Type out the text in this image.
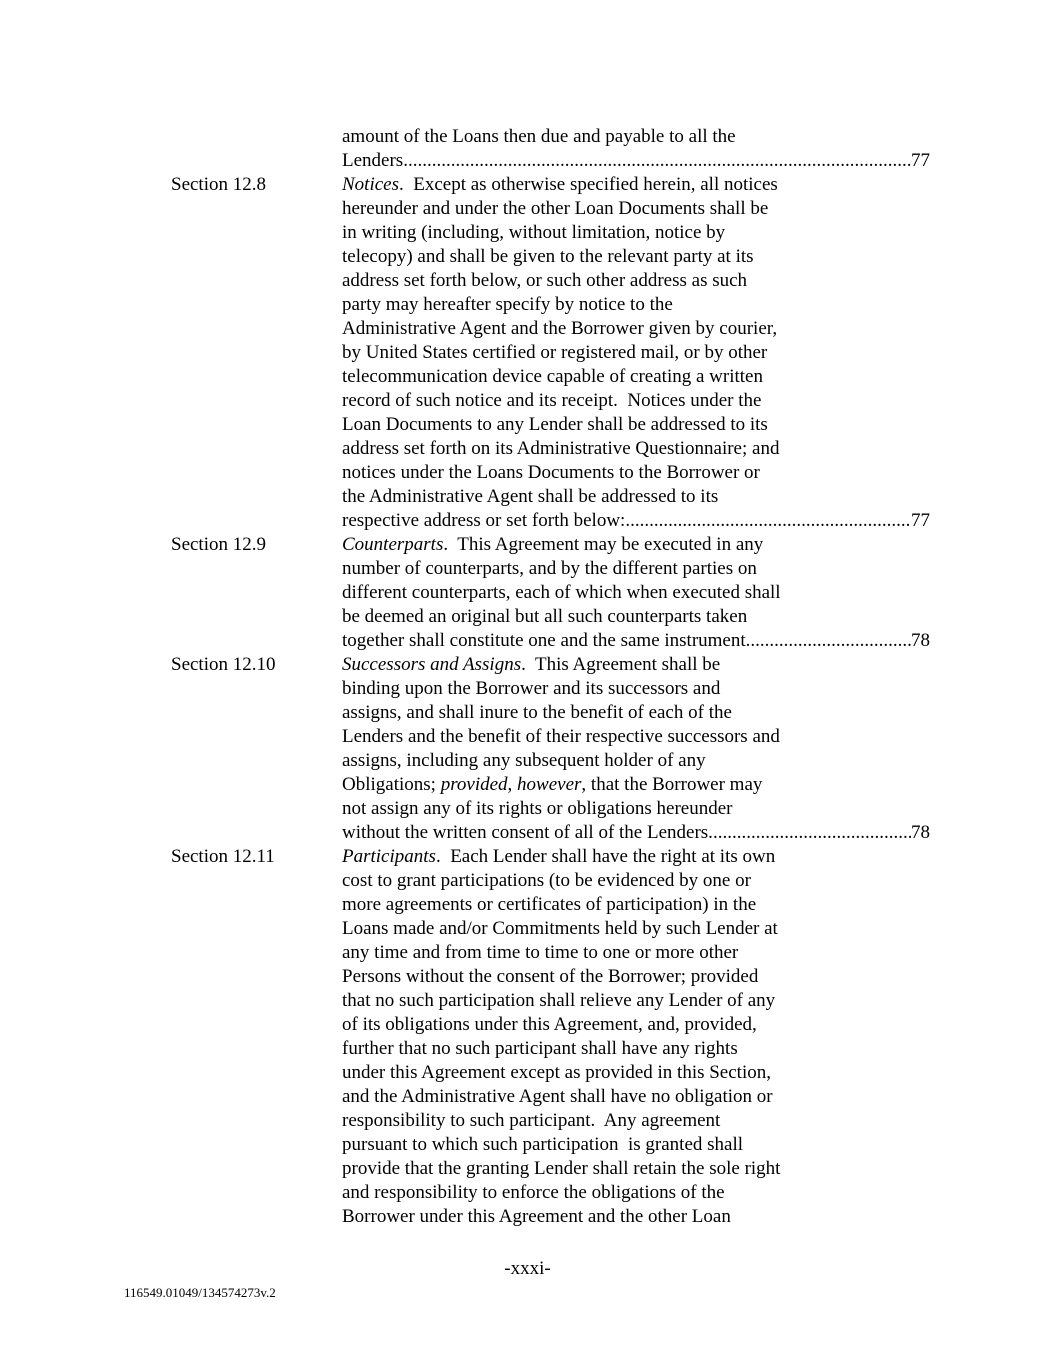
amount of the Loans then due and payable to all the
Lenders. .....	77
Section 12.8	Notices.  Except as otherwise specified herein, all notices
hereunder and under the other Loan Documents shall be
in writing (including, without limitation, notice by
telecopy) and shall be given to the relevant party at its
address set forth below, or such other address as such
party may hereafter specify by notice to the
Administrative Agent and the Borrower given by courier,
by United States certified or registered mail, or by other
telecommunication device capable of creating a written
record of such notice and its receipt.  Notices under the
Loan Documents to any Lender shall be addressed to its
address set forth on its Administrative Questionnaire; and
notices under the Loans Documents to the Borrower or
the Administrative Agent shall be addressed to its
respective address or set forth below: .....	77
Section 12.9	Counterparts.  This Agreement may be executed in any
number of counterparts, and by the different parties on
different counterparts, each of which when executed shall
be deemed an original but all such counterparts taken
together shall constitute one and the same instrument. .....	78
Section 12.10	Successors and Assigns.  This Agreement shall be
binding upon the Borrower and its successors and
assigns, and shall inure to the benefit of each of the
Lenders and the benefit of their respective successors and
assigns, including any subsequent holder of any
Obligations; provided, however, that the Borrower may
not assign any of its rights or obligations hereunder
without the written consent of all of the Lenders. .....	78
Section 12.11	Participants.  Each Lender shall have the right at its own
cost to grant participations (to be evidenced by one or
more agreements or certificates of participation) in the
Loans made and/or Commitments held by such Lender at
any time and from time to time to one or more other
Persons without the consent of the Borrower; provided
that no such participation shall relieve any Lender of any
of its obligations under this Agreement, and, provided,
further that no such participant shall have any rights
under this Agreement except as provided in this Section,
and the Administrative Agent shall have no obligation or
responsibility to such participant.  Any agreement
pursuant to which such participation  is granted shall
provide that the granting Lender shall retain the sole right
and responsibility to enforce the obligations of the
Borrower under this Agreement and the other Loan
-xxxi-
116549.01049/134574273v.2
